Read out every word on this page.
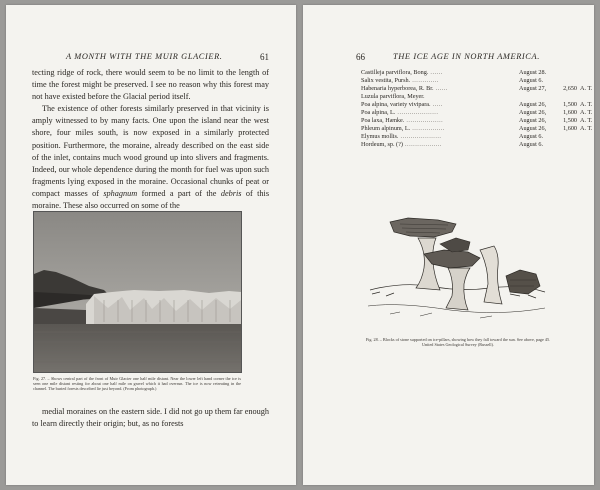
A MONTH WITH THE MUIR GLACIER.	61

tecting ridge of rock, there would seem to be no limit to the length of time the forest might be preserved. I see no reason why this forest may not have existed before the Glacial period itself.

The existence of other forests similarly preserved in that vicinity is amply witnessed to by many facts. One upon the island near the west shore, four miles south, is now exposed in a similarly protected position. Furthermore, the moraine, already described on the east side of the inlet, contains much wood ground up into slivers and fragments. Indeed, our whole dependence during the month for fuel was upon such fragments lying exposed in the moraine. Occasional chunks of peat or compact masses of sphagnum formed a part of the debris of this moraine. These also occurred on some of the

Fig. 27. – Shows central part of the front of Muir Glacier one half mile distant. Near the lower left hand corner the ice is seen one mile distant resting for about one half mile on gravel which it had overrun. The ice is now retreating in the channel. The buried forests described lie just beyond. (From photograph.)

medial moraines on the eastern side. I did not go up them far enough to learn directly their origin; but, as no forests

66	THE ICE AGE IN NORTH AMERICA.
Castilleja parviflora, Bong. ......	August 28.		
Salix vestita, Pursh. .............	August 6.		
Habenaria hyperborea, R. Br. ......	August 27,	2,650	A. T.
Luzula parviflora, Meyer.			
Poa alpina, variety vivipara. .....	August 26,	1,500	A. T.
Poa alpina, L. ....................	August 26,	1,600	A. T.
Poa laxa, Hænke. ..................	August 26,	1,500	A. T.
Phleum alpinum, L. ................	August 26,	1,600	A. T.
Elymus mollis. ....................	August 6.		
Hordeum, sp. (?) ..................	August 6.		
Fig. 28. – Blocks of stone supported on ice-pillars, showing how they fall toward the sun. See above, page 45. United States Geological Survey (Russell).
